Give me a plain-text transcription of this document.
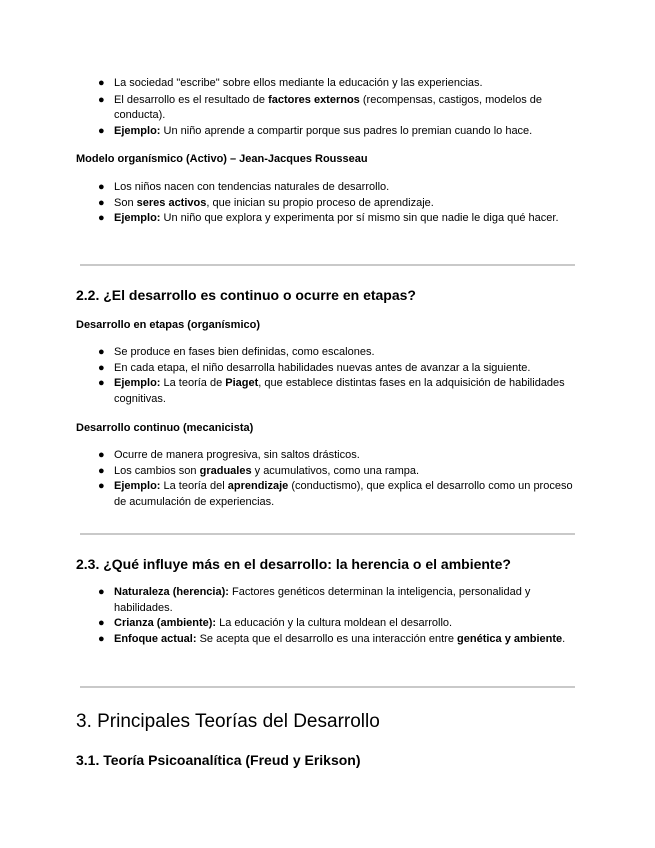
● La sociedad "escribe" sobre ellos mediante la educación y las experiencias.
● El desarrollo es el resultado de factores externos (recompensas, castigos, modelos de conducta).
● Ejemplo: Un niño aprende a compartir porque sus padres lo premian cuando lo hace.
Modelo organísmico (Activo) – Jean-Jacques Rousseau
● Los niños nacen con tendencias naturales de desarrollo.
● Son seres activos, que inician su propio proceso de aprendizaje.
● Ejemplo: Un niño que explora y experimenta por sí mismo sin que nadie le diga qué hacer.
2.2. ¿El desarrollo es continuo o ocurre en etapas?
Desarrollo en etapas (organísmico)
● Se produce en fases bien definidas, como escalones.
● En cada etapa, el niño desarrolla habilidades nuevas antes de avanzar a la siguiente.
● Ejemplo: La teoría de Piaget, que establece distintas fases en la adquisición de habilidades cognitivas.
Desarrollo continuo (mecanicista)
● Ocurre de manera progresiva, sin saltos drásticos.
● Los cambios son graduales y acumulativos, como una rampa.
● Ejemplo: La teoría del aprendizaje (conductismo), que explica el desarrollo como un proceso de acumulación de experiencias.
2.3. ¿Qué influye más en el desarrollo: la herencia o el ambiente?
● Naturaleza (herencia): Factores genéticos determinan la inteligencia, personalidad y habilidades.
● Crianza (ambiente): La educación y la cultura moldean el desarrollo.
● Enfoque actual: Se acepta que el desarrollo es una interacción entre genética y ambiente.
3. Principales Teorías del Desarrollo
3.1. Teoría Psicoanalítica (Freud y Erikson)
